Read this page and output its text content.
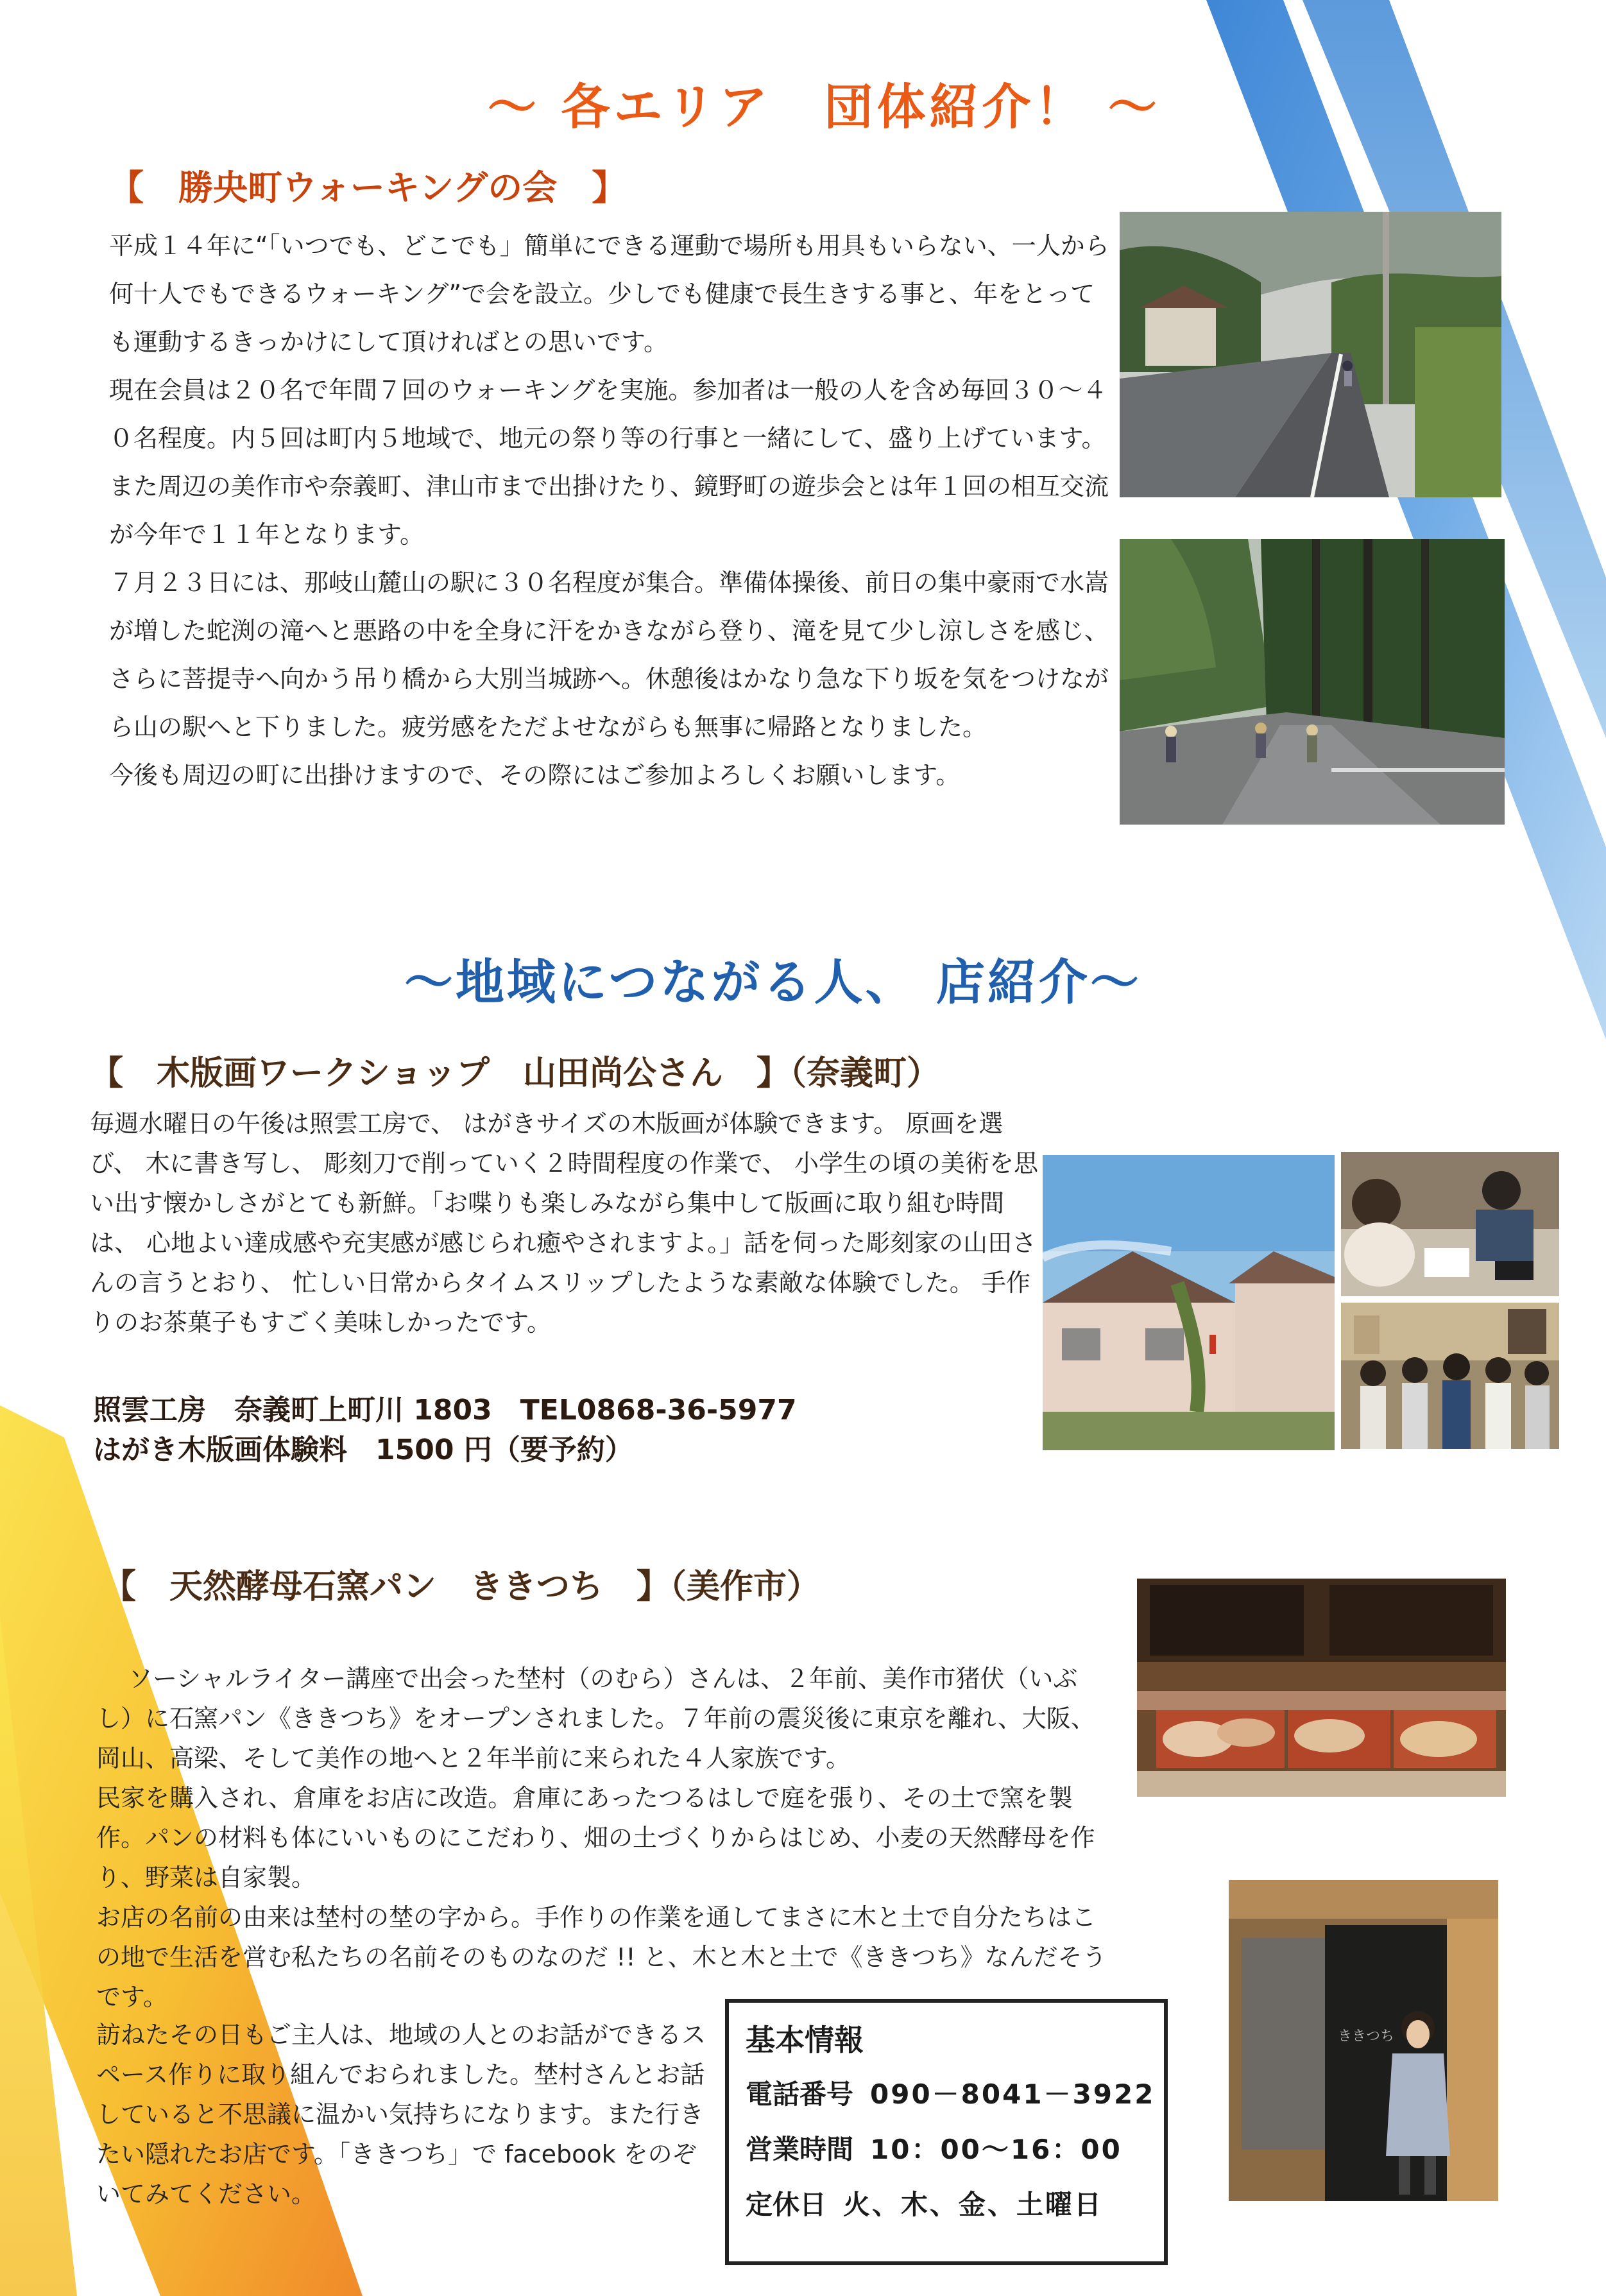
～ 各エリア　団体紹介！ ～
【　勝央町ウォーキングの会　】

平成１４年に“「いつでも、どこでも」簡単にできる運動で場所も用具もいらない、一人から何十人でもできるウォーキング”で会を設立。少しでも健康で長生きする事と、年をとっても運動するきっかけにして頂ければとの思いです。
現在会員は２０名で年間７回のウォーキングを実施。参加者は一般の人を含め毎回３０～４０名程度。内５回は町内５地域で、地元の祭り等の行事と一緒にして、盛り上げています。また周辺の美作市や奈義町、津山市まで出掛けたり、鏡野町の遊歩会とは年１回の相互交流が今年で１１年となります。
７月２３日には、那岐山麓山の駅に３０名程度が集合。準備体操後、前日の集中豪雨で水嵩が増した蛇渕の滝へと悪路の中を全身に汗をかきながら登り、滝を見て少し涼しさを感じ、さらに菩提寺へ向かう吊り橋から大別当城跡へ。休憩後はかなり急な下り坂を気をつけながら山の駅へと下りました。疲労感をただよせながらも無事に帰路となりました。
今後も周辺の町に出掛けますので、その際にはご参加よろしくお願いします。

～地域につながる人、 店紹介～
【　木版画ワークショップ　山田尚公さん　】（奈義町）

毎週水曜日の午後は照雲工房で、 はがきサイズの木版画が体験できます。 原画を選び、 木に書き写し、 彫刻刀で削っていく２時間程度の作業で、 小学生の頃の美術を思い出す懐かしさがとても新鮮。「お喋りも楽しみながら集中して版画に取り組む時間は、 心地よい達成感や充実感が感じられ癒やされますよ。」話を伺った彫刻家の山田さんの言うとおり、 忙しい日常からタイムスリップしたような素敵な体験でした。 手作りのお茶菓子もすごく美味しかったです。

照雲工房　奈義町上町川 1803　TEL0868-36-5977
はがき木版画体験料　1500 円（要予約）
【　天然酵母石窯パン　ききつち　】（美作市）

ソーシャルライター講座で出会った埜村（のむら）さんは、２年前、美作市猪伏（いぶし）に石窯パン《ききつち》をオープンされました。７年前の震災後に東京を離れ、大阪、岡山、高梁、そして美作の地へと２年半前に来られた４人家族です。

民家を購入され、倉庫をお店に改造。倉庫にあったつるはしで庭を張り、その土で窯を製作。パンの材料も体にいいものにこだわり、畑の土づくりからはじめ、小麦の天然酵母を作り、野菜は自家製。

お店の名前の由来は埜村の埜の字から。手作りの作業を通してまさに木と土で自分たちはこの地で生活を営む私たちの名前そのものなのだ !! と、木と木と土で《ききつち》なんだそうです。

訪ねたその日もご主人は、地域の人とのお話ができるスペース作りに取り組んでおられました。埜村さんとお話していると不思議に温かい気持ちになります。また行きたい隠れたお店です。「ききつち」で facebook をのぞいてみてください。

ききつち
基本情報
電話番号 090－8041－3922
営業時間 10：00～16：00
定休日 火、木、金、土曜日
